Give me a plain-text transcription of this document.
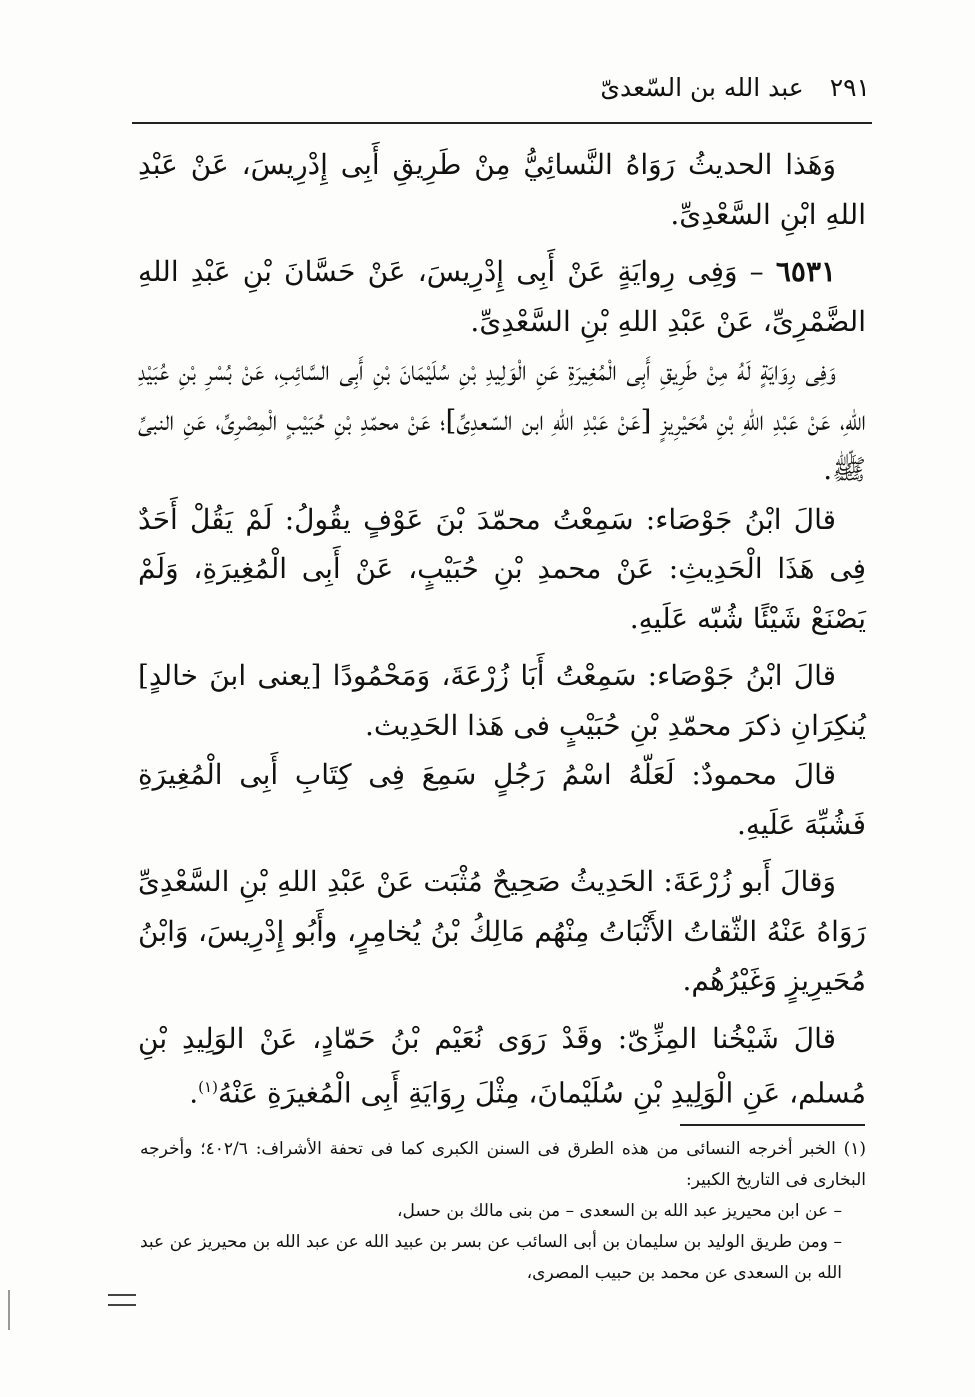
٢٩١
عبد الله بن السّعدىّ

وَهَذا الحديثُ رَوَاهُ النَّسائِيُّ مِنْ طَرِيقِ أَبِى إِدْرِيسَ، عَنْ عَبْدِ اللهِ ابْنِ السَّعْدِىِّ.

٦٥٣١ – وَفِى رِوايَةٍ عَنْ أَبِى إِدْرِيسَ، عَنْ حَسَّانَ بْنِ عَبْدِ اللهِ الضَّمْرِىِّ، عَنْ عَبْدِ اللهِ بْنِ السَّعْدِىِّ.

وَفِى رِوَايَةٍ لَهُ مِنْ طَرِيقِ أَبِى الْمُغِيرَةِ عَنِ الْوَلِيدِ بْنِ سُلَيْمَانَ بْنِ أَبِى السَّائِبِ، عَنْ بُسْرِ بْنِ عُبَيْدِ اللهِ، عَنْ عَبْدِ اللهِ بْنِ مُحَيْرِيزٍ [عَنْ عَبْدِ اللهِ ابن السّعدِىِّ]؛ عَنْ محمّدِ بْنِ حُبَيْبٍ الْمِصْرِىِّ، عَنِ النبىِّ ﷺ.

قالَ ابْنُ جَوْصَاء: سَمِعْتُ محمّدَ بْنَ عَوْفٍ يقُولُ: لَمْ يَقُلْ أَحَدٌ فِى هَذَا الْحَدِيثِ: عَنْ محمدِ بْنِ حُبَيْبٍ، عَنْ أَبِى الْمُغِيرَةِ، وَلَمْ يَصْنَعْ شَيْئًا شُبّه عَلَيهِ.

قالَ ابْنُ جَوْصَاء: سَمِعْتُ أَبَا زُرْعَةَ، وَمَحْمُودًا [يعنى ابنَ خالدٍ] يُنكِرَانِ ذكرَ محمّدِ بْنِ حُبَيْبٍ فى هَذا الحَدِيث.

قالَ محمودٌ: لَعَلّهُ اسْمُ رَجُلٍ سَمِعَ فِى كِتَابِ أَبِى الْمُغِيرَةِ فَشُبِّهَ عَلَيهِ.

وَقالَ أَبو زُرْعَةَ: الحَدِيثُ صَحِيحٌ مُثْبَت عَنْ عَبْدِ اللهِ بْنِ السَّعْدِىِّ رَوَاهُ عَنْهُ الثّقاتُ الأَثْبَاتُ مِنْهُم مَالِكُ بْنُ يُخامِرٍ، وأَبُو إِدْرِيسَ، وَابْنُ مُحَيرِيزٍ وَغَيْرُهُم.

قالَ شَيْخُنا المِزِّىّ: وقَدْ رَوَى نُعَيْم بْنُ حَمّادٍ، عَنْ الوَلِيدِ بْنِ مُسلم، عَنِ الْوَلِيدِ بْنِ سُلَيْمانَ، مِثْلَ رِوَايَةِ أَبِى الْمُغيرَةِ عَنْهُ$^{(١)}$.

(١) الخبر أخرجه النسائى من هذه الطرق فى السنن الكبرى كما فى تحفة الأشراف: ٤٠٢/٦؛ وأخرجه البخارى فى التاريخ الكبير:

– عن ابن محيريز عبد الله بن السعدى – من بنى مالك بن حسل،

– ومن طريق الوليد بن سليمان بن أبى السائب عن بسر بن عبيد الله عن عبد الله بن محيريز عن عبد الله بن السعدى عن محمد بن حبيب المصرى،
